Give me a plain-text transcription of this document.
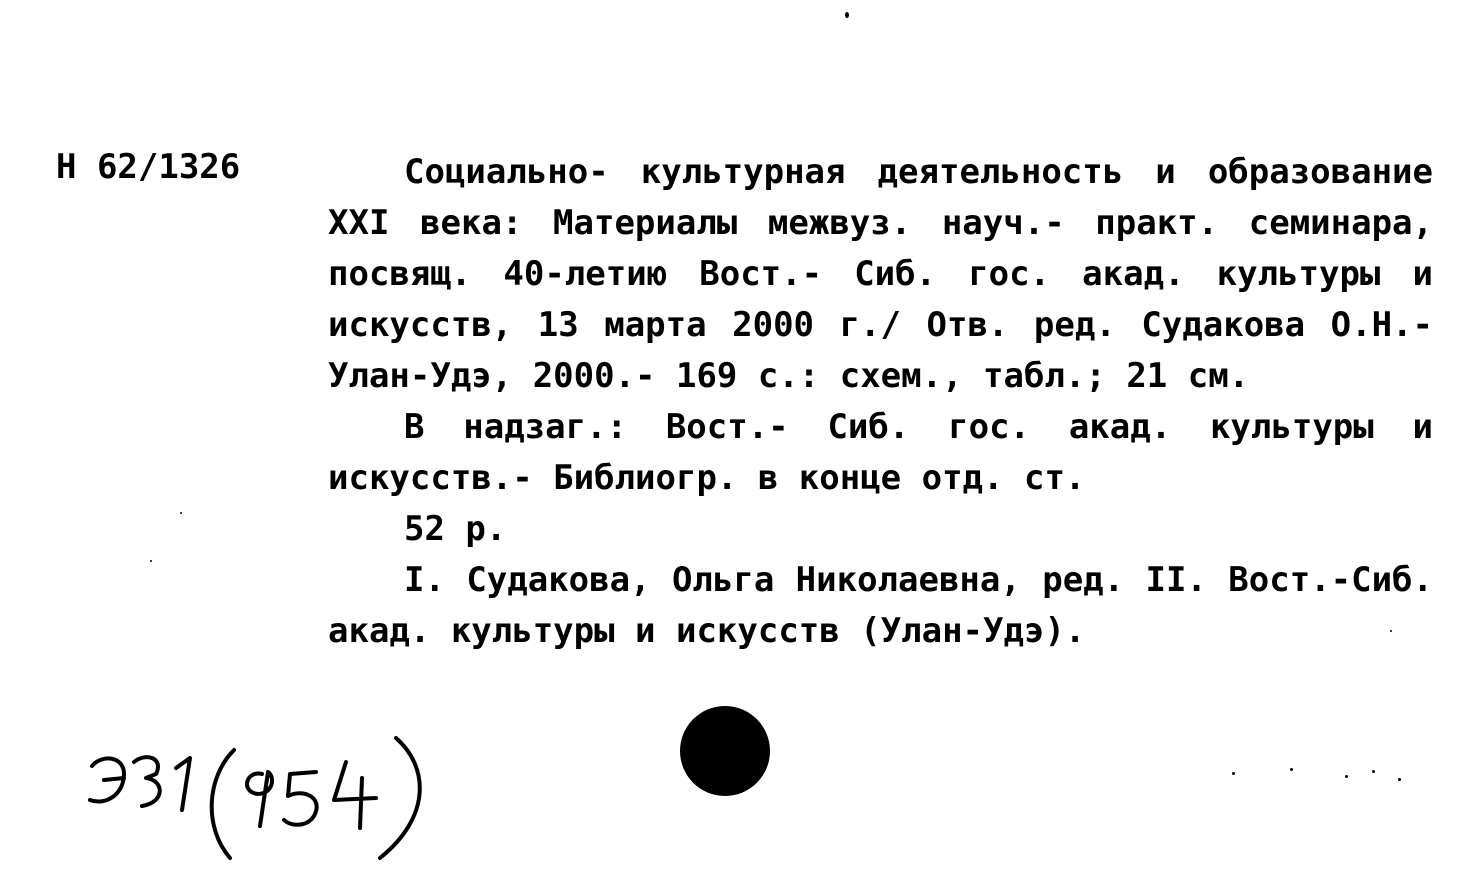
Н 62/1326	Социально- культурная деятельность и образование XXI века: Материалы межвуз. науч.- практ. семинара, посвящ. 40-летию Вост.- Сиб. гос. акад. культуры и искусств, 13 марта 2000 г./ Отв. ред. Судакова О.Н.- Улан-Удэ, 2000.- 169 с.: схем., табл.; 21 см.

В надзаг.: Вост.- Сиб. гос. акад. культуры и искусств.- Библиогр. в конце отд. ст.

52 р.

I. Судакова, Ольга Николаевна, ред. II. Вост.-Сиб. акад. культуры и искусств (Улан-Удэ).
